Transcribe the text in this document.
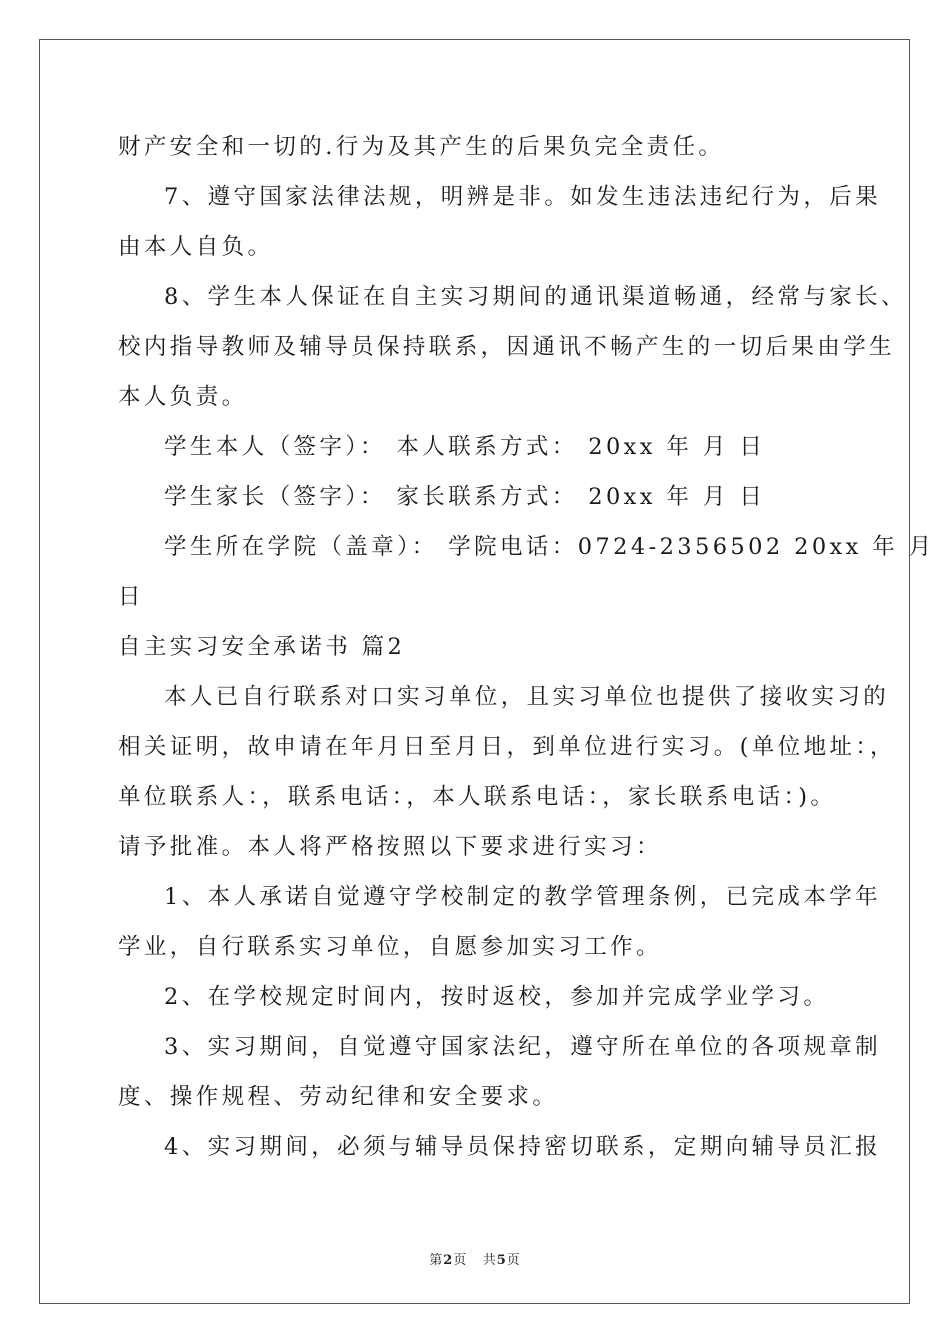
财产安全和一切的.行为及其产生的后果负完全责任。
7、遵守国家法律法规，明辨是非。如发生违法违纪行为，后果
由本人自负。
8、学生本人保证在自主实习期间的通讯渠道畅通，经常与家长、
校内指导教师及辅导员保持联系，因通讯不畅产生的一切后果由学生
本人负责。
学生本人（签字）： 本人联系方式： 20xx 年 月 日
学生家长（签字）： 家长联系方式： 20xx 年 月 日
学生所在学院（盖章）： 学院电话：0724-2356502 20xx 年 月
日
自主实习安全承诺书 篇2
本人已自行联系对口实习单位，且实习单位也提供了接收实习的
相关证明，故申请在年月日至月日，到单位进行实习。(单位地址：，
单位联系人：，联系电话：，本人联系电话：，家长联系电话：)。
请予批准。本人将严格按照以下要求进行实习：
1、本人承诺自觉遵守学校制定的教学管理条例，已完成本学年
学业，自行联系实习单位，自愿参加实习工作。
2、在学校规定时间内，按时返校，参加并完成学业学习。
3、实习期间，自觉遵守国家法纪，遵守所在单位的各项规章制
度、操作规程、劳动纪律和安全要求。
4、实习期间，必须与辅导员保持密切联系，定期向辅导员汇报
第2页 共5页
